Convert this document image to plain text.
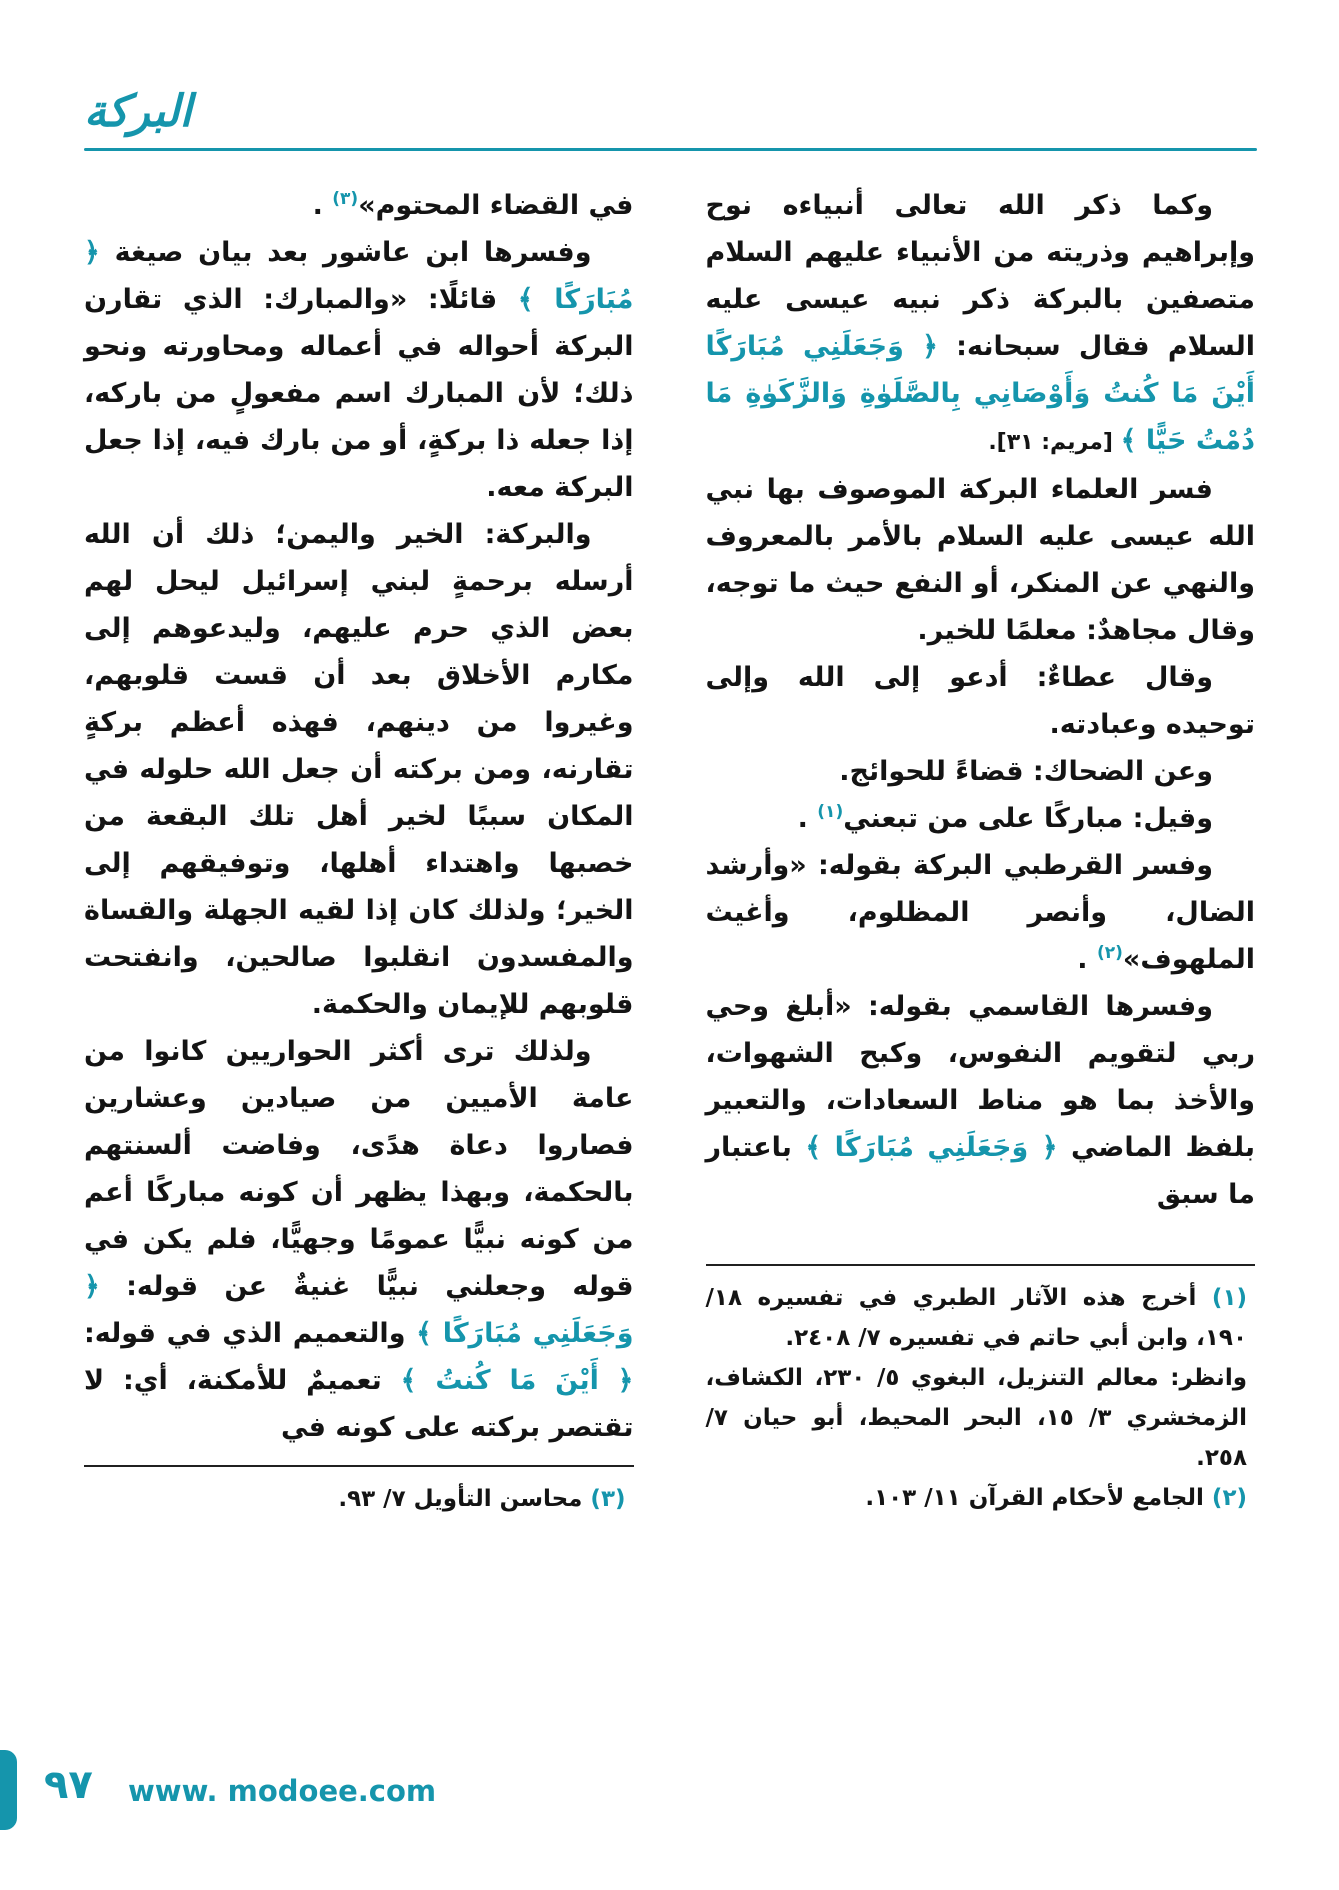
البركة

وكما ذكر الله تعالى أنبياءه نوح وإبراهيم وذريته من الأنبياء عليهم السلام متصفين بالبركة ذكر نبيه عيسى عليه السلام فقال سبحانه: ﴿ وَجَعَلَنِي مُبَارَكًا أَيْنَ مَا كُنتُ وَأَوْصَانِي بِالصَّلَوٰةِ وَالزَّكَوٰةِ مَا دُمْتُ حَيًّا ﴾ [مريم: ٣١].

فسر العلماء البركة الموصوف بها نبي الله عيسى عليه السلام بالأمر بالمعروف والنهي عن المنكر، أو النفع حيث ما توجه، وقال مجاهدٌ: معلمًا للخير.

وقال عطاءٌ: أدعو إلى الله وإلى توحيده وعبادته.

وعن الضحاك: قضاءً للحوائج.

وقيل: مباركًا على من تبعني$^{(١)}$ .

وفسر القرطبي البركة بقوله: «وأرشد الضال، وأنصر المظلوم، وأغيث الملهوف»$^{(٢)}$ .

وفسرها القاسمي بقوله: «أبلغ وحي ربي لتقويم النفوس، وكبح الشهوات، والأخذ بما هو مناط السعادات، والتعبير بلفظ الماضي ﴿ وَجَعَلَنِي مُبَارَكًا ﴾ باعتبار ما سبق

(١) أخرج هذه الآثار الطبري في تفسيره ١٨/ ١٩٠، وابن أبي حاتم في تفسيره ٧/ ٢٤٠٨.

وانظر: معالم التنزيل، البغوي ٥/ ٢٣٠، الكشاف، الزمخشري ٣/ ١٥، البحر المحيط، أبو حيان ٧/ ٢٥٨.

(٢) الجامع لأحكام القرآن ١١/ ١٠٣.

في القضاء المحتوم»$^{(٣)}$ .

وفسرها ابن عاشور بعد بيان صيغة ﴿ مُبَارَكًا ﴾ قائلًا: «والمبارك: الذي تقارن البركة أحواله في أعماله ومحاورته ونحو ذلك؛ لأن المبارك اسم مفعولٍ من باركه، إذا جعله ذا بركةٍ، أو من بارك فيه، إذا جعل البركة معه.

والبركة: الخير واليمن؛ ذلك أن الله أرسله برحمةٍ لبني إسرائيل ليحل لهم بعض الذي حرم عليهم، وليدعوهم إلى مكارم الأخلاق بعد أن قست قلوبهم، وغيروا من دينهم، فهذه أعظم بركةٍ تقارنه، ومن بركته أن جعل الله حلوله في المكان سببًا لخير أهل تلك البقعة من خصبها واهتداء أهلها، وتوفيقهم إلى الخير؛ ولذلك كان إذا لقيه الجهلة والقساة والمفسدون انقلبوا صالحين، وانفتحت قلوبهم للإيمان والحكمة.

ولذلك ترى أكثر الحواريين كانوا من عامة الأميين من صيادين وعشارين فصاروا دعاة هدًى، وفاضت ألسنتهم بالحكمة، وبهذا يظهر أن كونه مباركًا أعم من كونه نبيًّا عمومًا وجهيًّا، فلم يكن في قوله وجعلني نبيًّا غنيةٌ عن قوله: ﴿ وَجَعَلَنِي مُبَارَكًا ﴾ والتعميم الذي في قوله: ﴿ أَيْنَ مَا كُنتُ ﴾ تعميمٌ للأمكنة، أي: لا تقتصر بركته على كونه في

(٣) محاسن التأويل ٧/ ٩٣.

٩٧ www. modoee.com
